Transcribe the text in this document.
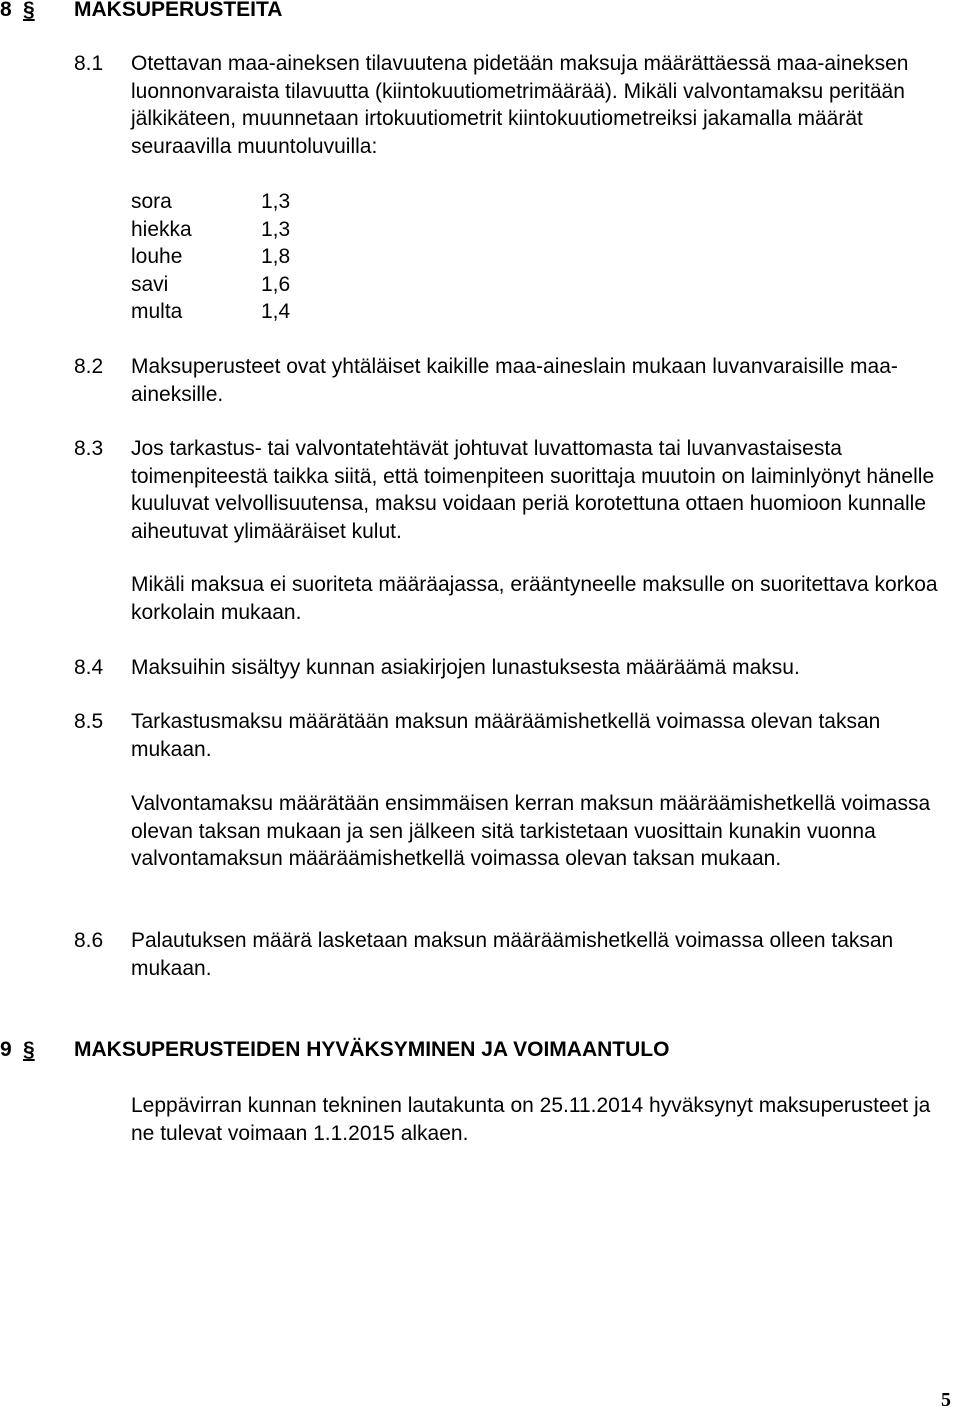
8 § MAKSUPERUSTEITA
8.1 Otettavan maa-aineksen tilavuutena pidetään maksuja määrättäessä maa-aineksen luonnonvaraista tilavuutta (kiintokuutiometrimäärää). Mikäli valvontamaksu peritään jälkikäteen, muunnetaan irtokuutiometrit kiintokuutiometreiksi jakamalla määrät seuraavilla muuntoluvuilla:
sora	1,3
hiekka	1,3
louhe	1,8
savi	1,6
multa	1,4
8.2 Maksuperusteet ovat yhtäläiset kaikille maa-aineslain mukaan luvanvaraisille maa-aineksille.
8.3 Jos tarkastus- tai valvontatehtävät johtuvat luvattomasta tai luvanvastaisesta toimenpiteestä taikka siitä, että toimenpiteen suorittaja muutoin on laiminlyönyt hänelle kuuluvat velvollisuutensa, maksu voidaan periä korotettuna ottaen huomioon kunnalle aiheutuvat ylimääräiset kulut.
Mikäli maksua ei suoriteta määräajassa, erääntyneelle maksulle on suoritettava korkoa korkolain mukaan.
8.4 Maksuihin sisältyy kunnan asiakirjojen lunastuksesta määräämä maksu.
8.5 Tarkastusmaksu määrätään maksun määräämishetkellä voimassa olevan taksan mukaan.
Valvontamaksu määrätään ensimmäisen kerran maksun määräämishetkellä voimassa olevan taksan mukaan ja sen jälkeen sitä tarkistetaan vuosittain kunakin vuonna valvontamaksun määräämishetkellä voimassa olevan taksan mukaan.
8.6 Palautuksen määrä lasketaan maksun määräämishetkellä voimassa olleen taksan mukaan.
9 § MAKSUPERUSTEIDEN HYVÄKSYMINEN JA VOIMAANTULO
Leppävirran kunnan tekninen lautakunta on 25.11.2014 hyväksynyt maksuperusteet ja ne tulevat voimaan 1.1.2015 alkaen.
5
